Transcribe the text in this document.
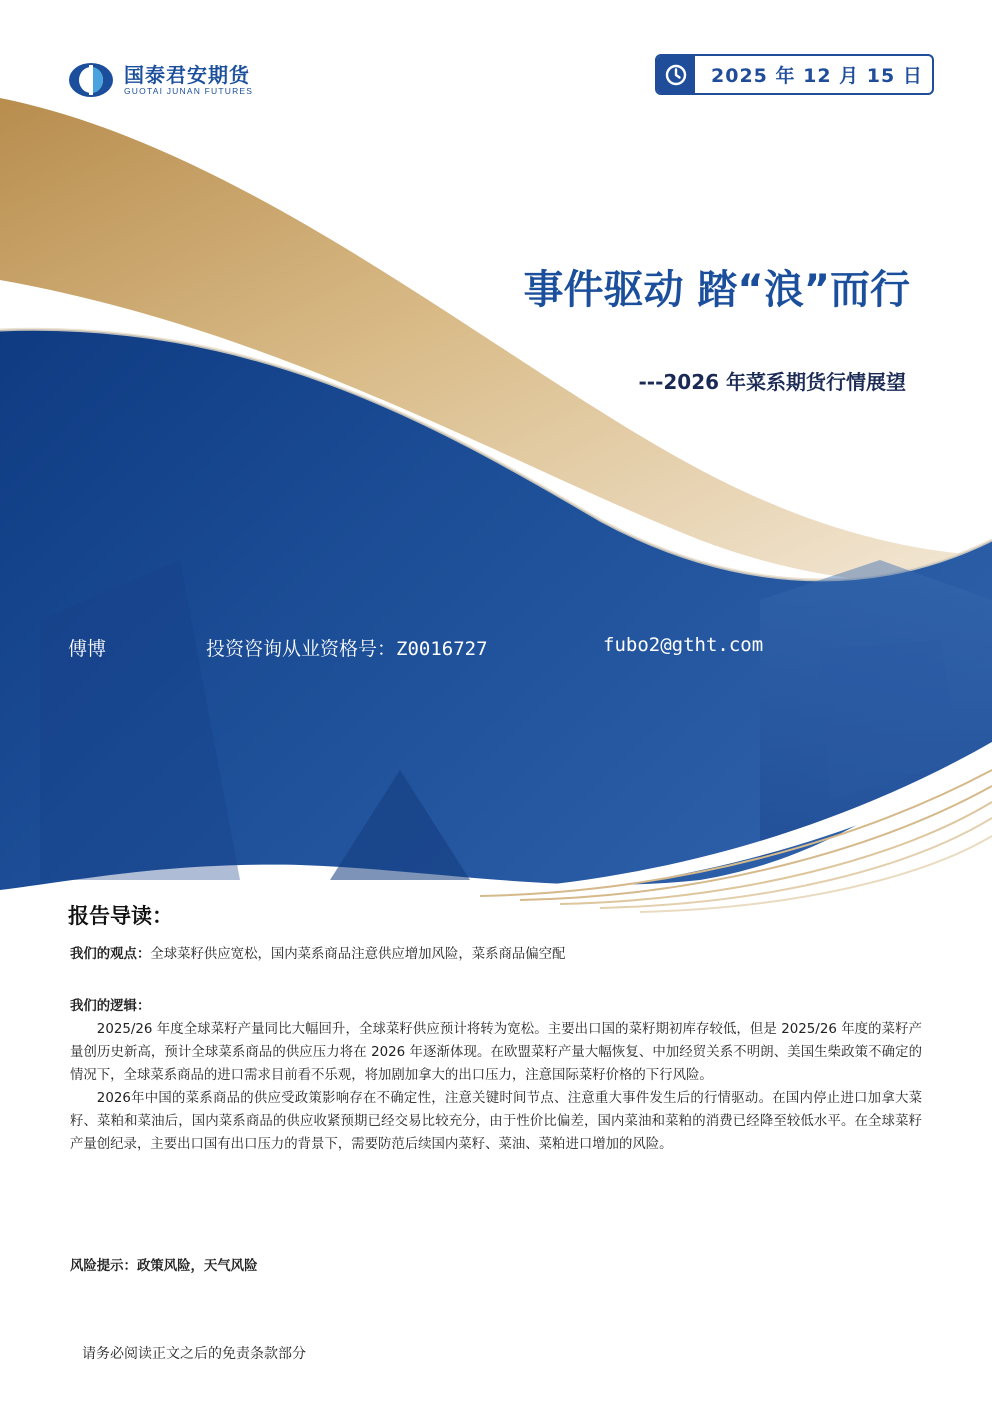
国泰君安期货
GUOTAI JUNAN FUTURES
2025 年 12 月 15 日
事件驱动 踏“浪”而行
---2026 年菜系期货行情展望
傅博	投资咨询从业资格号：Z0016727	fubo2@gtht.com
报告导读：
我们的观点：全球菜籽供应宽松，国内菜系商品注意供应增加风险，菜系商品偏空配
我们的逻辑：

2025/26 年度全球菜籽产量同比大幅回升，全球菜籽供应预计将转为宽松。主要出口国的菜籽期初库存较低，但是 2025/26 年度的菜籽产量创历史新高，预计全球菜系商品的供应压力将在 2026 年逐渐体现。在欧盟菜籽产量大幅恢复、中加经贸关系不明朗、美国生柴政策不确定的情况下，全球菜系商品的进口需求目前看不乐观，将加剧加拿大的出口压力，注意国际菜籽价格的下行风险。

2026年中国的菜系商品的供应受政策影响存在不确定性，注意关键时间节点、注意重大事件发生后的行情驱动。在国内停止进口加拿大菜籽、菜粕和菜油后，国内菜系商品的供应收紧预期已经交易比较充分，由于性价比偏差，国内菜油和菜粕的消费已经降至较低水平。在全球菜籽产量创纪录，主要出口国有出口压力的背景下，需要防范后续国内菜籽、菜油、菜粕进口增加的风险。

风险提示：政策风险，天气风险
请务必阅读正文之后的免责条款部分
